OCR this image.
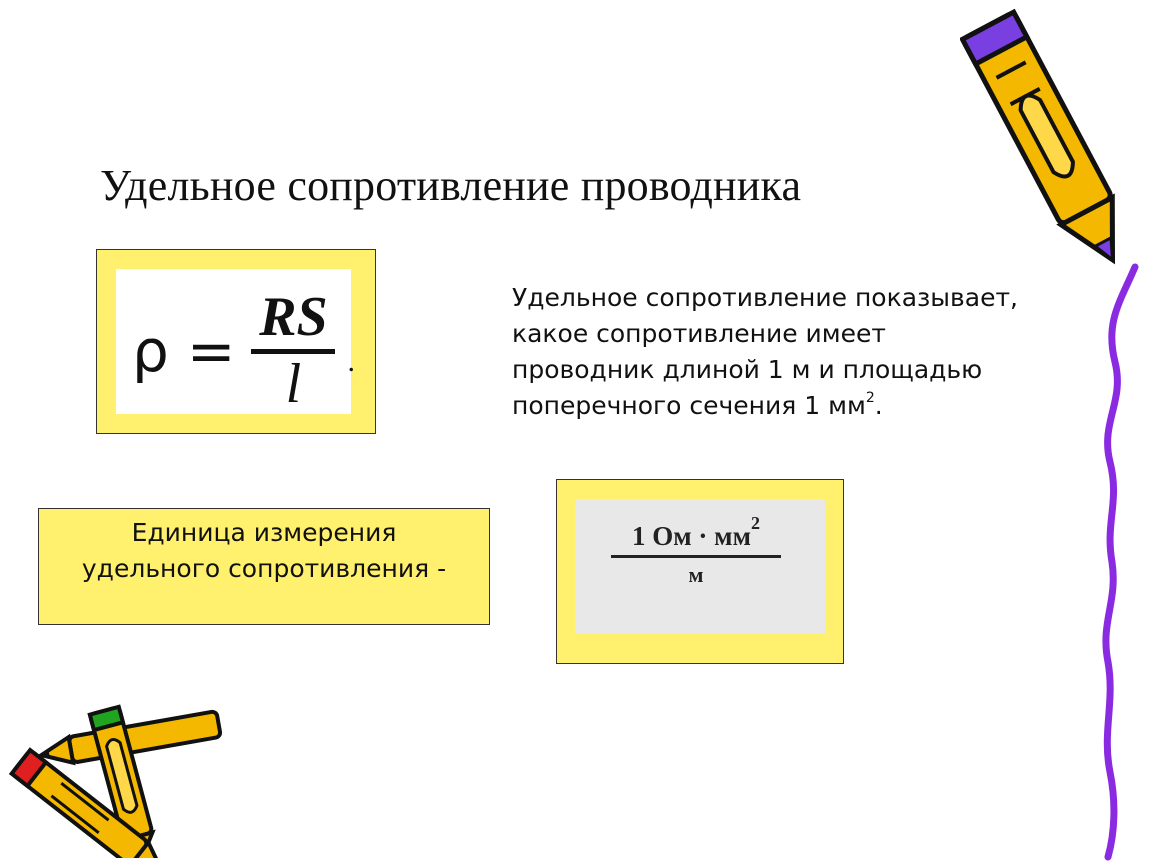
Удельное сопротивление проводника
ρ = RS
l .
Удельное сопротивление показывает,
какое сопротивление имеет
проводник длиной 1 м и площадью
поперечного сечения 1 $мм^2$.
Единица измерения
удельного сопротивления -
1 Ом · $мм^2$
м
